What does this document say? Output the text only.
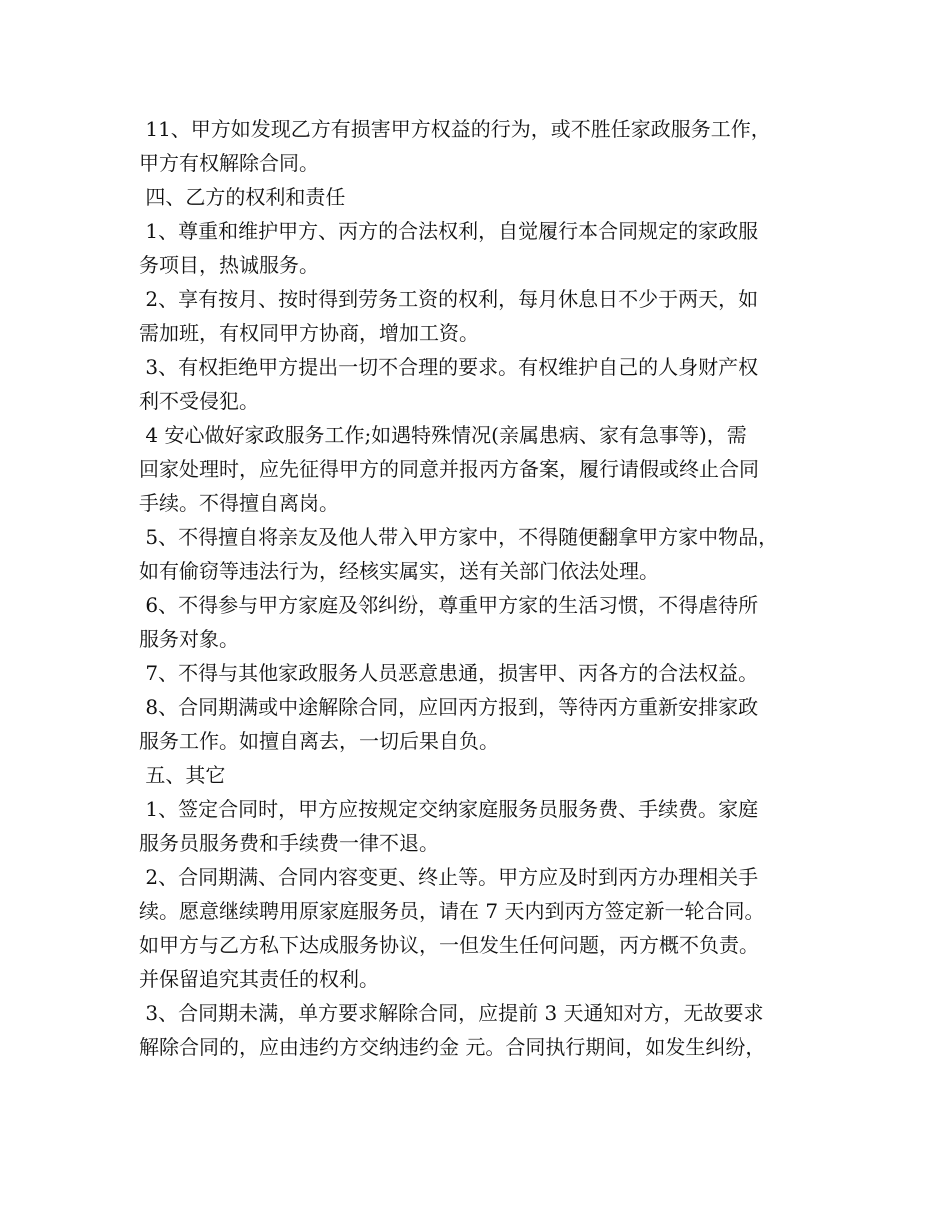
11、甲方如发现乙方有损害甲方权益的行为，或不胜任家政服务工作，
甲方有权解除合同。
四、乙方的权利和责任
1、尊重和维护甲方、丙方的合法权利，自觉履行本合同规定的家政服
务项目，热诚服务。
2、享有按月、按时得到劳务工资的权利，每月休息日不少于两天，如
需加班，有权同甲方协商，增加工资。
3、有权拒绝甲方提出一切不合理的要求。有权维护自己的人身财产权
利不受侵犯。
4 安心做好家政服务工作;如遇特殊情况(亲属患病、家有急事等)，需
回家处理时，应先征得甲方的同意并报丙方备案，履行请假或终止合同
手续。不得擅自离岗。
5、不得擅自将亲友及他人带入甲方家中，不得随便翻拿甲方家中物品，
如有偷窃等违法行为，经核实属实，送有关部门依法处理。
6、不得参与甲方家庭及邻纠纷，尊重甲方家的生活习惯，不得虐待所
服务对象。
7、不得与其他家政服务人员恶意患通，损害甲、丙各方的合法权益。
8、合同期满或中途解除合同，应回丙方报到，等待丙方重新安排家政
服务工作。如擅自离去，一切后果自负。
五、其它
1、签定合同时，甲方应按规定交纳家庭服务员服务费、手续费。家庭
服务员服务费和手续费一律不退。
2、合同期满、合同内容变更、终止等。甲方应及时到丙方办理相关手
续。愿意继续聘用原家庭服务员，请在 7 天内到丙方签定新一轮合同。
如甲方与乙方私下达成服务协议，一但发生任何问题，丙方概不负责。
并保留追究其责任的权利。
3、合同期未满，单方要求解除合同，应提前 3 天通知对方，无故要求
解除合同的，应由违约方交纳违约金 元。合同执行期间，如发生纠纷，
